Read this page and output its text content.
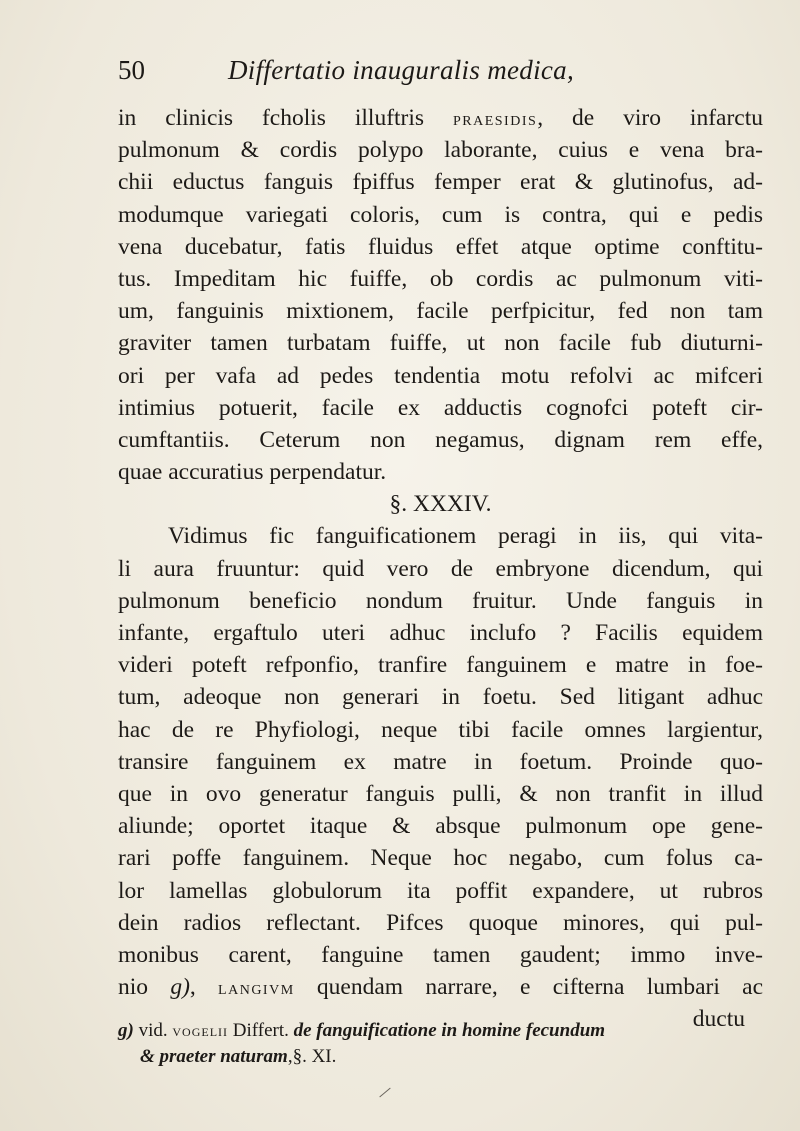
50	Differtatio inauguralis medica,
in clinicis fcholis illuftris praesidis, de viro infarctu
pulmonum & cordis polypo laborante, cuius e vena bra-
chii eductus fanguis fpiffus femper erat & glutinofus, ad-
modumque variegati coloris, cum is contra, qui e pedis
vena ducebatur, fatis fluidus effet atque optime conftitu-
tus. Impeditam hic fuiffe, ob cordis ac pulmonum viti-
um, fanguinis mixtionem, facile perfpicitur, fed non tam
graviter tamen turbatam fuiffe, ut non facile fub diuturni-
ori per vafa ad pedes tendentia motu refolvi ac mifceri
intimius potuerit, facile ex adductis cognofci poteft cir-
cumftantiis. Ceterum non negamus, dignam rem effe,
quae accuratius perpendatur.
§. XXXIV.
Vidimus fic fanguificationem peragi in iis, qui vita-
li aura fruuntur: quid vero de embryone dicendum, qui
pulmonum beneficio nondum fruitur. Unde fanguis in
infante, ergaftulo uteri adhuc inclufo ? Facilis equidem
videri poteft refponfio, tranfire fanguinem e matre in foe-
tum, adeoque non generari in foetu. Sed litigant adhuc
hac de re Phyfiologi, neque tibi facile omnes largientur,
transire fanguinem ex matre in foetum. Proinde quo-
que in ovo generatur fanguis pulli, & non tranfit in illud
aliunde; oportet itaque & absque pulmonum ope gene-
rari poffe fanguinem. Neque hoc negabo, cum folus ca-
lor lamellas globulorum ita poffit expandere, ut rubros
dein radios reflectant. Pifces quoque minores, qui pul-
monibus carent, fanguine tamen gaudent; immo inve-
nio g), langivm quendam narrare, e cifterna lumbari ac
ductu
g) vid. vogelii Differt. de fanguificatione in homine fecundum
& praeter naturam,§. XI.
